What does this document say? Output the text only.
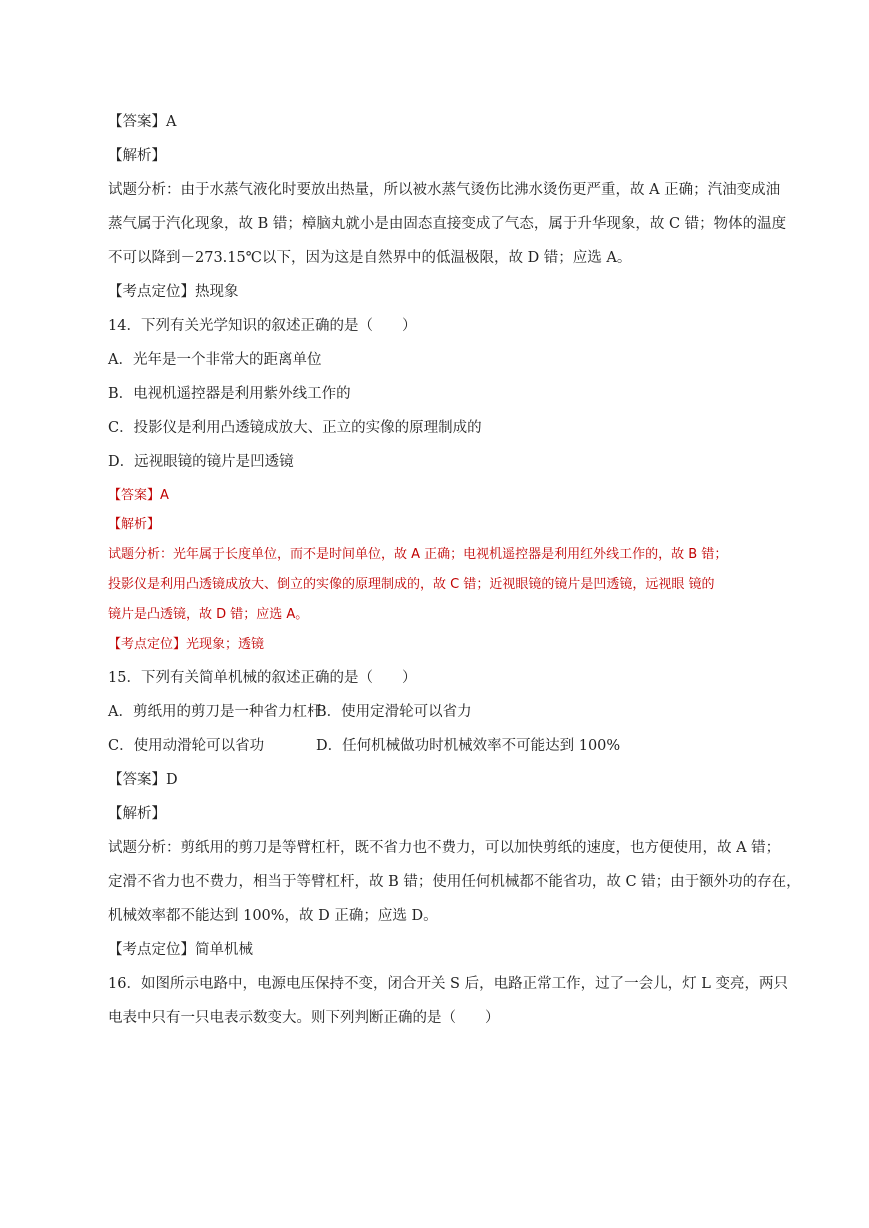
【答案】A
【解析】
试题分析：由于水蒸气液化时要放出热量，所以被水蒸气烫伤比沸水烫伤更严重，故 A 正确；汽油变成油
蒸气属于汽化现象，故 B 错；樟脑丸就小是由固态直接变成了气态，属于升华现象，故 C 错；物体的温度
不可以降到－273.15℃以下，因为这是自然界中的低温极限，故 D 错；应选 A。
【考点定位】热现象
14．下列有关光学知识的叙述正确的是（　　）
A．光年是一个非常大的距离单位
B．电视机遥控器是利用紫外线工作的
C．投影仪是利用凸透镜成放大、正立的实像的原理制成的
D．远视眼镜的镜片是凹透镜
【答案】A
【解析】
试题分析：光年属于长度单位，而不是时间单位，故 A 正确；电视机遥控器是利用红外线工作的，故 B 错；
投影仪是利用凸透镜成放大、倒立的实像的原理制成的，故 C 错；近视眼镜的镜片是凹透镜，远视眼 镜的
镜片是凸透镜，故 D 错；应选 A。
【考点定位】光现象；透镜
15．下列有关简单机械的叙述正确的是（　　）
A．剪纸用的剪刀是一种省力杠杆B．使用定滑轮可以省力
C．使用动滑轮可以省功	D．任何机械做功时机械效率不可能达到 100%
【答案】D
【解析】
试题分析：剪纸用的剪刀是等臂杠杆，既不省力也不费力，可以加快剪纸的速度，也方便使用，故 A 错；
定滑不省力也不费力，相当于等臂杠杆，故 B 错；使用任何机械都不能省功，故 C 错；由于额外功的存在，
机械效率都不能达到 100%，故 D 正确；应选 D。
【考点定位】简单机械
16．如图所示电路中，电源电压保持不变，闭合开关 S 后，电路正常工作，过了一会儿，灯 L 变亮，两只
电表中只有一只电表示数变大。则下列判断正确的是（　　）
